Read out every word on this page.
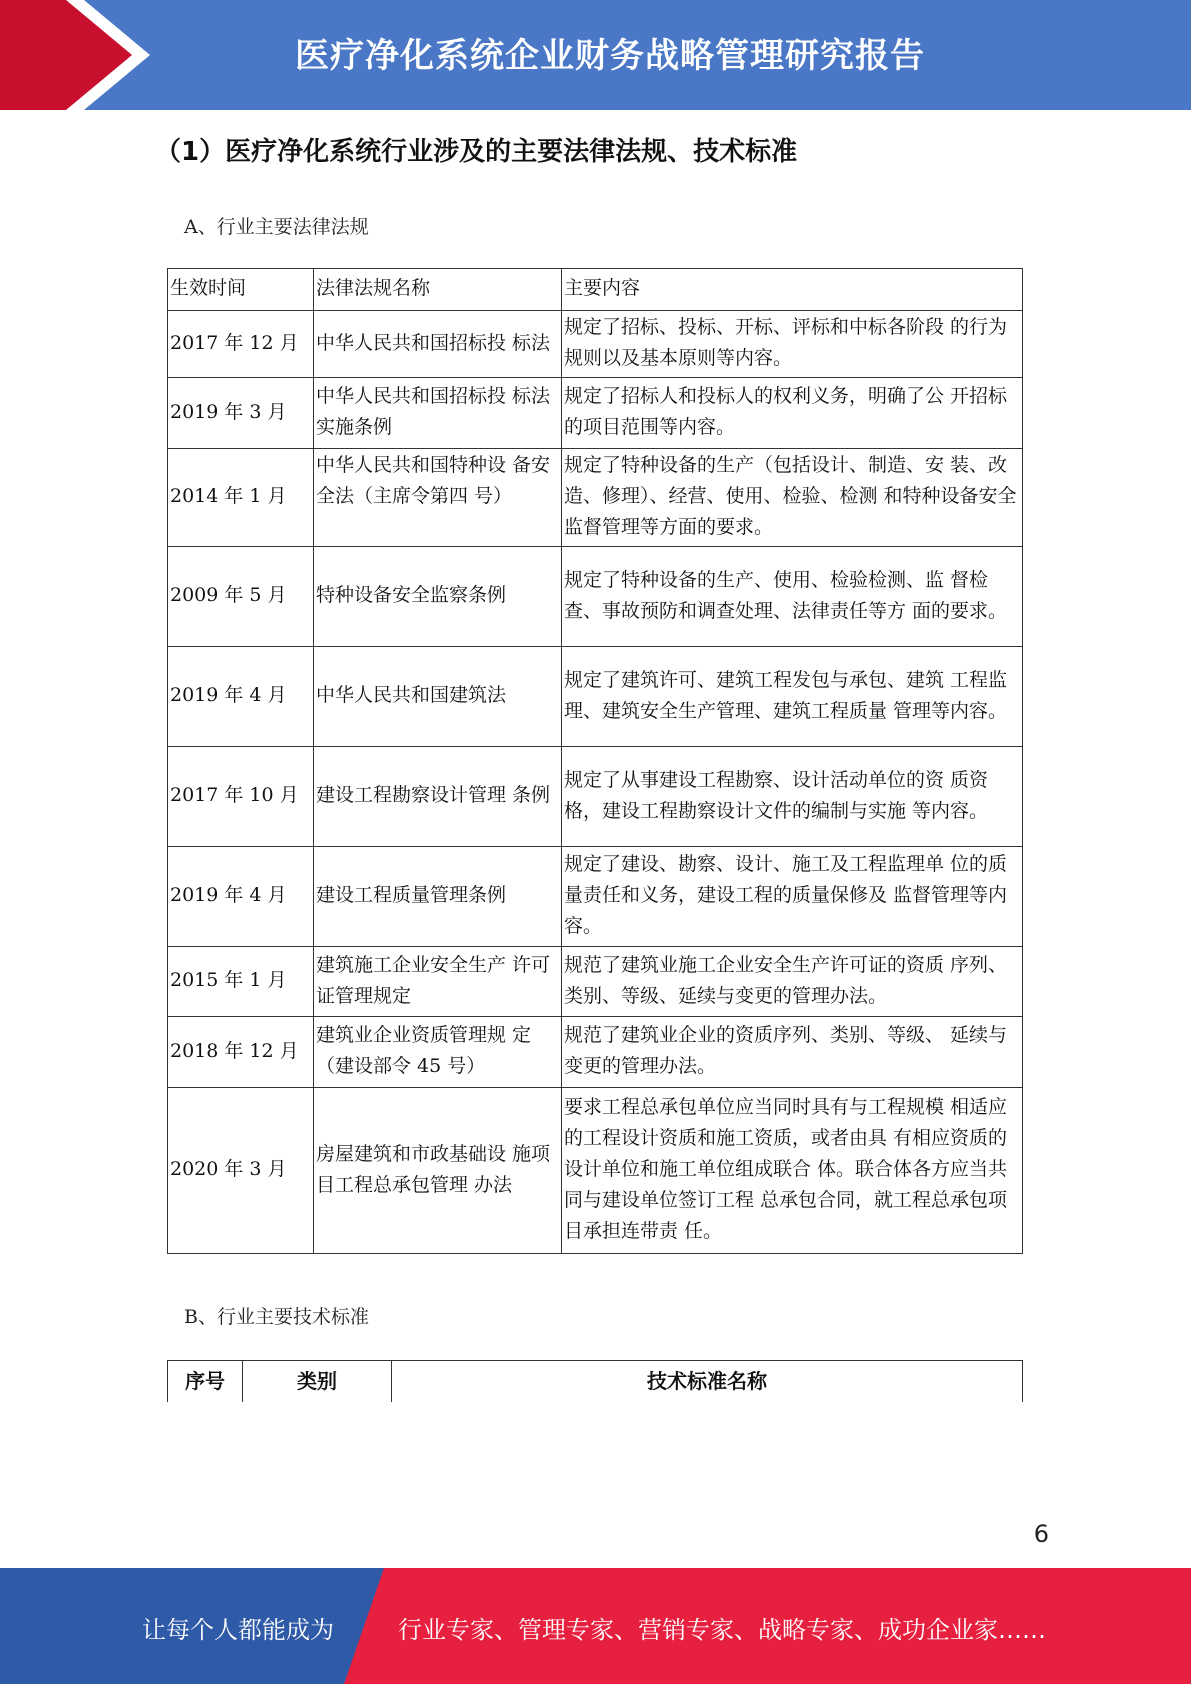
医疗净化系统企业财务战略管理研究报告
（1）医疗净化系统行业涉及的主要法律法规、技术标准
A、行业主要法律法规
生效时间	法律法规名称	主要内容
2017 年 12 月	中华人民共和国招标投 标法	规定了招标、投标、开标、评标和中标各阶段 的行为规则以及基本原则等内容。
2019 年 3 月	中华人民共和国招标投 标法实施条例	规定了招标人和投标人的权利义务，明确了公 开招标的项目范围等内容。
2014 年 1 月	中华人民共和国特种设 备安全法（主席令第四 号）	规定了特种设备的生产（包括设计、制造、安 装、改造、修理）、经营、使用、检验、检测 和特种设备安全监督管理等方面的要求。
2009 年 5 月	特种设备安全监察条例	规定了特种设备的生产、使用、检验检测、监 督检查、事故预防和调查处理、法律责任等方 面的要求。
2019 年 4 月	中华人民共和国建筑法	规定了建筑许可、建筑工程发包与承包、建筑 工程监理、建筑安全生产管理、建筑工程质量 管理等内容。
2017 年 10 月	建设工程勘察设计管理 条例	规定了从事建设工程勘察、设计活动单位的资 质资格，建设工程勘察设计文件的编制与实施 等内容。
2019 年 4 月	建设工程质量管理条例	规定了建设、勘察、设计、施工及工程监理单 位的质量责任和义务，建设工程的质量保修及 监督管理等内容。
2015 年 1 月	建筑施工企业安全生产 许可证管理规定	规范了建筑业施工企业安全生产许可证的资质 序列、类别、等级、延续与变更的管理办法。
2018 年 12 月	建筑业企业资质管理规 定（建设部令 45 号）	规范了建筑业企业的资质序列、类别、等级、 延续与变更的管理办法。
2020 年 3 月	房屋建筑和市政基础设 施项目工程总承包管理 办法	要求工程总承包单位应当同时具有与工程规模 相适应的工程设计资质和施工资质，或者由具 有相应资质的设计单位和施工单位组成联合 体。联合体各方应当共同与建设单位签订工程 总承包合同，就工程总承包项目承担连带责 任。
B、行业主要技术标准
序号	类别	技术标准名称
6
让每个人都能成为	行业专家、管理专家、营销专家、战略专家、成功企业家……
